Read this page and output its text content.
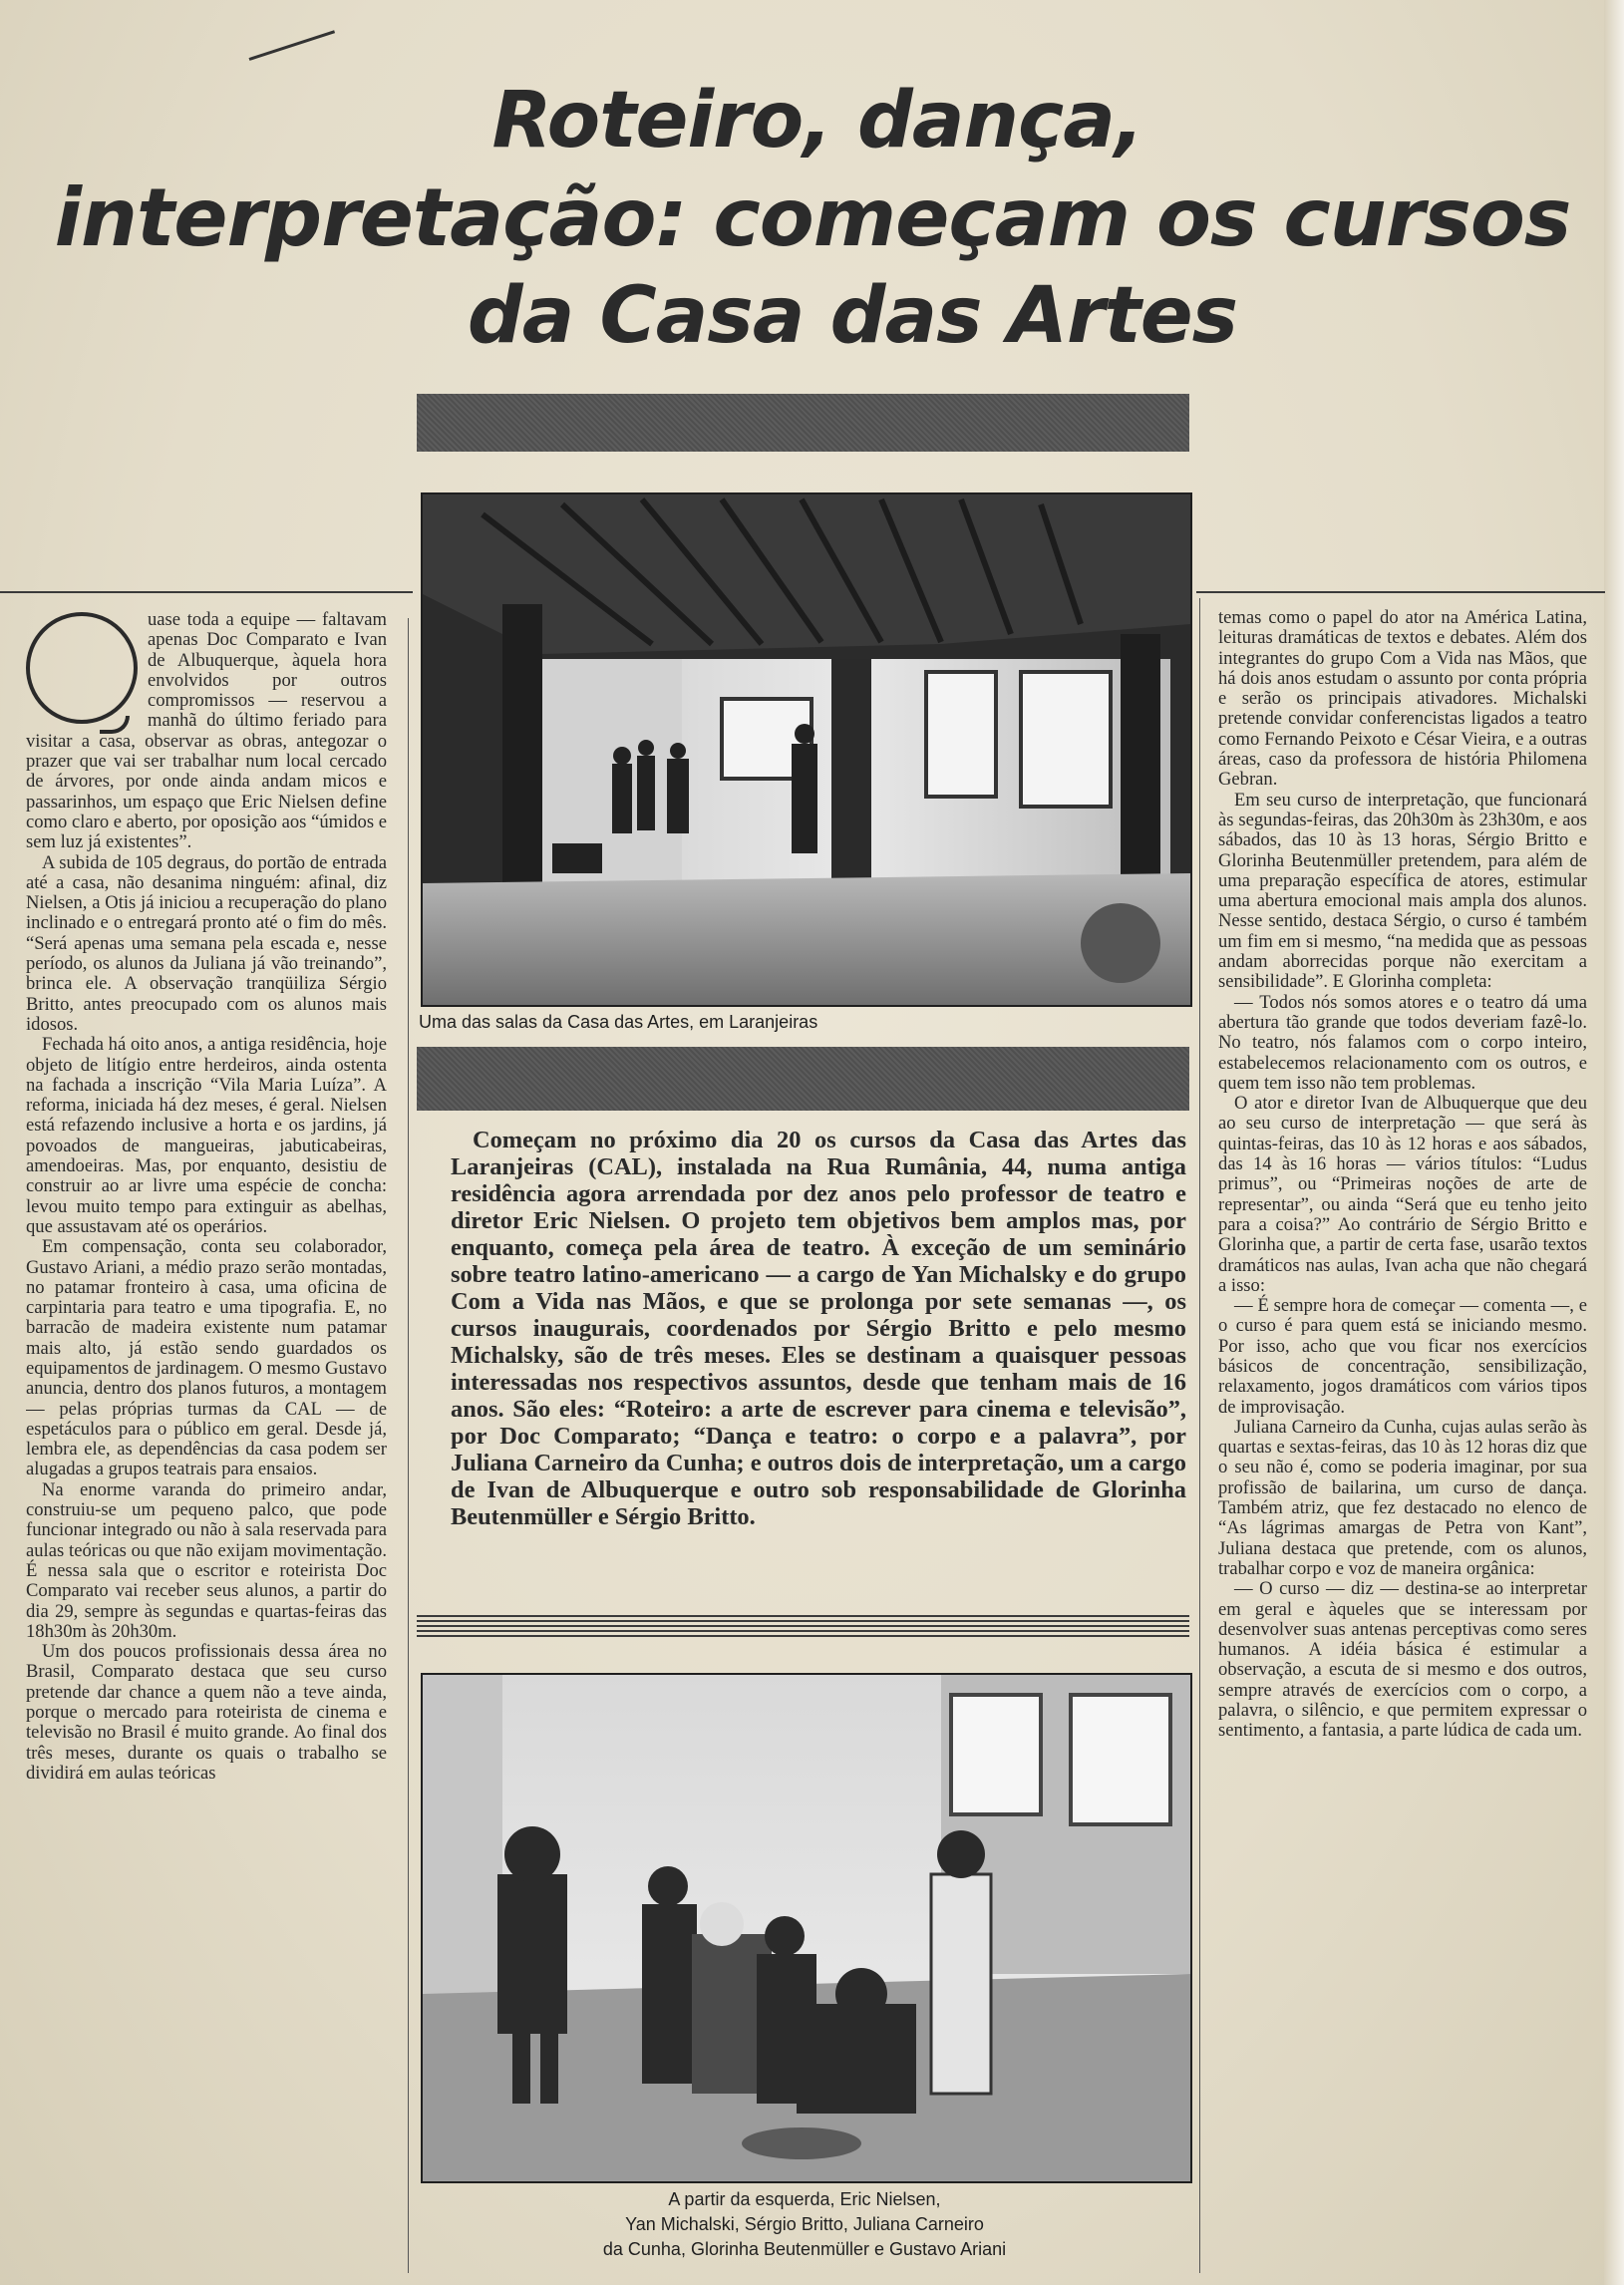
Roteiro, dança,
interpretação: começam os cursos
da Casa das Artes
Uma das salas da Casa das Artes, em Laranjeiras

Começam no próximo dia 20 os cursos da Casa das Artes das Laranjeiras (CAL), instalada na Rua Rumânia, 44, numa antiga residência agora arrendada por dez anos pelo professor de teatro e diretor Eric Nielsen. O projeto tem objetivos bem amplos mas, por enquanto, começa pela área de teatro. À exceção de um seminário sobre teatro latino-americano — a cargo de Yan Michalsky e do grupo Com a Vida nas Mãos, e que se prolonga por sete semanas —, os cursos inaugurais, coordenados por Sérgio Britto e pelo mesmo Michalsky, são de três meses. Eles se destinam a quaisquer pessoas interessadas nos respectivos assuntos, desde que tenham mais de 16 anos. São eles: “Roteiro: a arte de escrever para cinema e televisão”, por Doc Comparato; “Dança e teatro: o corpo e a palavra”, por Juliana Carneiro da Cunha; e outros dois de interpretação, um a cargo de Ivan de Albuquerque e outro sob responsabilidade de Glorinha Beutenmüller e Sérgio Britto.

A partir da esquerda, Eric Nielsen,
Yan Michalski, Sérgio Britto, Juliana Carneiro
da Cunha, Glorinha Beutenmüller e Gustavo Ariani

uase toda a equipe — faltavam apenas Doc Comparato e Ivan de Albuquerque, àquela hora envolvidos por outros compromissos — reservou a manhã do último feriado para visitar a casa, observar as obras, antegozar o prazer que vai ser trabalhar num local cercado de árvores, por onde ainda andam micos e passarinhos, um espaço que Eric Nielsen define como claro e aberto, por oposição aos “úmidos e sem luz já existentes”.

A subida de 105 degraus, do portão de entrada até a casa, não desanima ninguém: afinal, diz Nielsen, a Otis já iniciou a recuperação do plano inclinado e o entregará pronto até o fim do mês. “Será apenas uma semana pela escada e, nesse período, os alunos da Juliana já vão treinando”, brinca ele. A observação tranqüiliza Sérgio Britto, antes preocupado com os alunos mais idosos.

Fechada há oito anos, a antiga residência, hoje objeto de litígio entre herdeiros, ainda ostenta na fachada a inscrição “Vila Maria Luíza”. A reforma, iniciada há dez meses, é geral. Nielsen está refazendo inclusive a horta e os jardins, já povoados de mangueiras, jabuticabeiras, amendoeiras. Mas, por enquanto, desistiu de construir ao ar livre uma espécie de concha: levou muito tempo para extinguir as abelhas, que assustavam até os operários.

Em compensação, conta seu colaborador, Gustavo Ariani, a médio prazo serão montadas, no patamar fronteiro à casa, uma oficina de carpintaria para teatro e uma tipografia. E, no barracão de madeira existente num patamar mais alto, já estão sendo guardados os equipamentos de jardinagem. O mesmo Gustavo anuncia, dentro dos planos futuros, a montagem — pelas próprias turmas da CAL — de espetáculos para o público em geral. Desde já, lembra ele, as dependências da casa podem ser alugadas a grupos teatrais para ensaios.

Na enorme varanda do primeiro andar, construiu-se um pequeno palco, que pode funcionar integrado ou não à sala reservada para aulas teóricas ou que não exijam movimentação. É nessa sala que o escritor e roteirista Doc Comparato vai receber seus alunos, a partir do dia 29, sempre às segundas e quartas-feiras das 18h30m às 20h30m.

Um dos poucos profissionais dessa área no Brasil, Comparato destaca que seu curso pretende dar chance a quem não a teve ainda, porque o mercado para roteirista de cinema e televisão no Brasil é muito grande. Ao final dos três meses, durante os quais o trabalho se dividirá em aulas teóricas

temas como o papel do ator na América Latina, leituras dramáticas de textos e debates. Além dos integrantes do grupo Com a Vida nas Mãos, que há dois anos estudam o assunto por conta própria e serão os principais ativadores. Michalski pretende convidar conferencistas ligados a teatro como Fernando Peixoto e César Vieira, e a outras áreas, caso da professora de história Philomena Gebran.

Em seu curso de interpretação, que funcionará às segundas-feiras, das 20h30m às 23h30m, e aos sábados, das 10 às 13 horas, Sérgio Britto e Glorinha Beutenmüller pretendem, para além de uma preparação específica de atores, estimular uma abertura emocional mais ampla dos alunos. Nesse sentido, destaca Sérgio, o curso é também um fim em si mesmo, “na medida que as pessoas andam aborrecidas porque não exercitam a sensibilidade”. E Glorinha completa:

— Todos nós somos atores e o teatro dá uma abertura tão grande que todos deveriam fazê-lo. No teatro, nós falamos com o corpo inteiro, estabelecemos relacionamento com os outros, e quem tem isso não tem problemas.

O ator e diretor Ivan de Albuquerque que deu ao seu curso de interpretação — que será às quintas-feiras, das 10 às 12 horas e aos sábados, das 14 às 16 horas — vários títulos: “Ludus primus”, ou “Primeiras noções de arte de representar”, ou ainda “Será que eu tenho jeito para a coisa?” Ao contrário de Sérgio Britto e Glorinha que, a partir de certa fase, usarão textos dramáticos nas aulas, Ivan acha que não chegará a isso:

— É sempre hora de começar — comenta —, e o curso é para quem está se iniciando mesmo. Por isso, acho que vou ficar nos exercícios básicos de concentração, sensibilização, relaxamento, jogos dramáticos com vários tipos de improvisação.

Juliana Carneiro da Cunha, cujas aulas serão às quartas e sextas-feiras, das 10 às 12 horas diz que o seu não é, como se poderia imaginar, por sua profissão de bailarina, um curso de dança. Também atriz, que fez destacado no elenco de “As lágrimas amargas de Petra von Kant”, Juliana destaca que pretende, com os alunos, trabalhar corpo e voz de maneira orgânica:

— O curso — diz — destina-se ao interpretar em geral e àqueles que se interessam por desenvolver suas antenas perceptivas como seres humanos. A idéia básica é estimular a observação, a escuta de si mesmo e dos outros, sempre através de exercícios com o corpo, a palavra, o silêncio, e que permitem expressar o sentimento, a fantasia, a parte lúdica de cada um.
